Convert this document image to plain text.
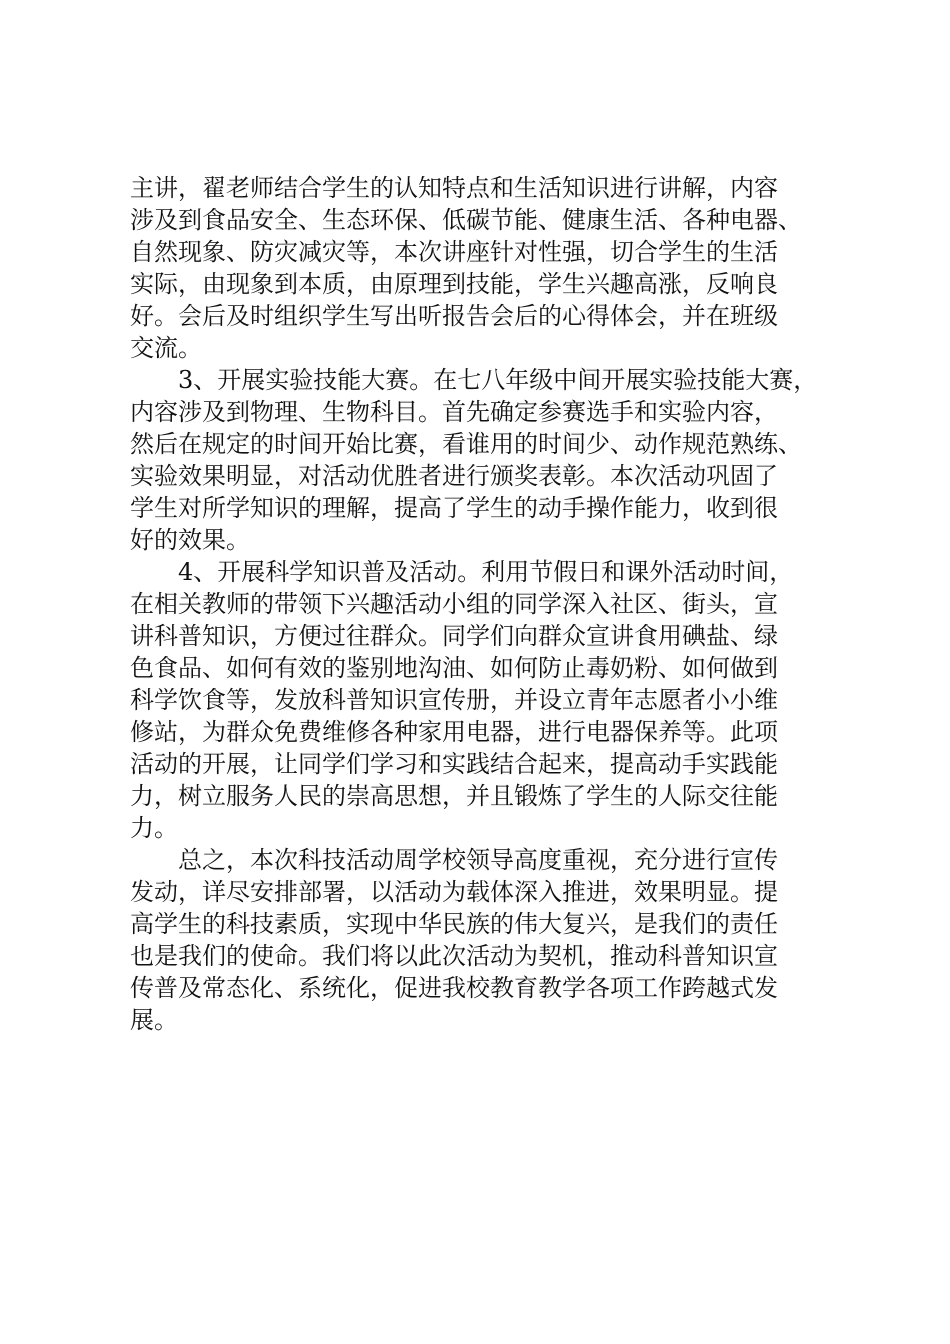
主讲，翟老师结合学生的认知特点和生活知识进行讲解，内容
涉及到食品安全、生态环保、低碳节能、健康生活、各种电器、
自然现象、防灾减灾等，本次讲座针对性强，切合学生的生活
实际，由现象到本质，由原理到技能，学生兴趣高涨，反响良
好。会后及时组织学生写出听报告会后的心得体会，并在班级
交流。
3、开展实验技能大赛。在七八年级中间开展实验技能大赛，
内容涉及到物理、生物科目。首先确定参赛选手和实验内容，
然后在规定的时间开始比赛，看谁用的时间少、动作规范熟练、
实验效果明显，对活动优胜者进行颁奖表彰。本次活动巩固了
学生对所学知识的理解，提高了学生的动手操作能力，收到很
好的效果。
4、开展科学知识普及活动。利用节假日和课外活动时间，
在相关教师的带领下兴趣活动小组的同学深入社区、街头，宣
讲科普知识，方便过往群众。同学们向群众宣讲食用碘盐、绿
色食品、如何有效的鉴别地沟油、如何防止毒奶粉、如何做到
科学饮食等，发放科普知识宣传册，并设立青年志愿者小小维
修站，为群众免费维修各种家用电器，进行电器保养等。此项
活动的开展，让同学们学习和实践结合起来，提高动手实践能
力，树立服务人民的崇高思想，并且锻炼了学生的人际交往能
力。
总之，本次科技活动周学校领导高度重视，充分进行宣传
发动，详尽安排部署，以活动为载体深入推进，效果明显。提
高学生的科技素质，实现中华民族的伟大复兴，是我们的责任
也是我们的使命。我们将以此次活动为契机，推动科普知识宣
传普及常态化、系统化，促进我校教育教学各项工作跨越式发
展。
